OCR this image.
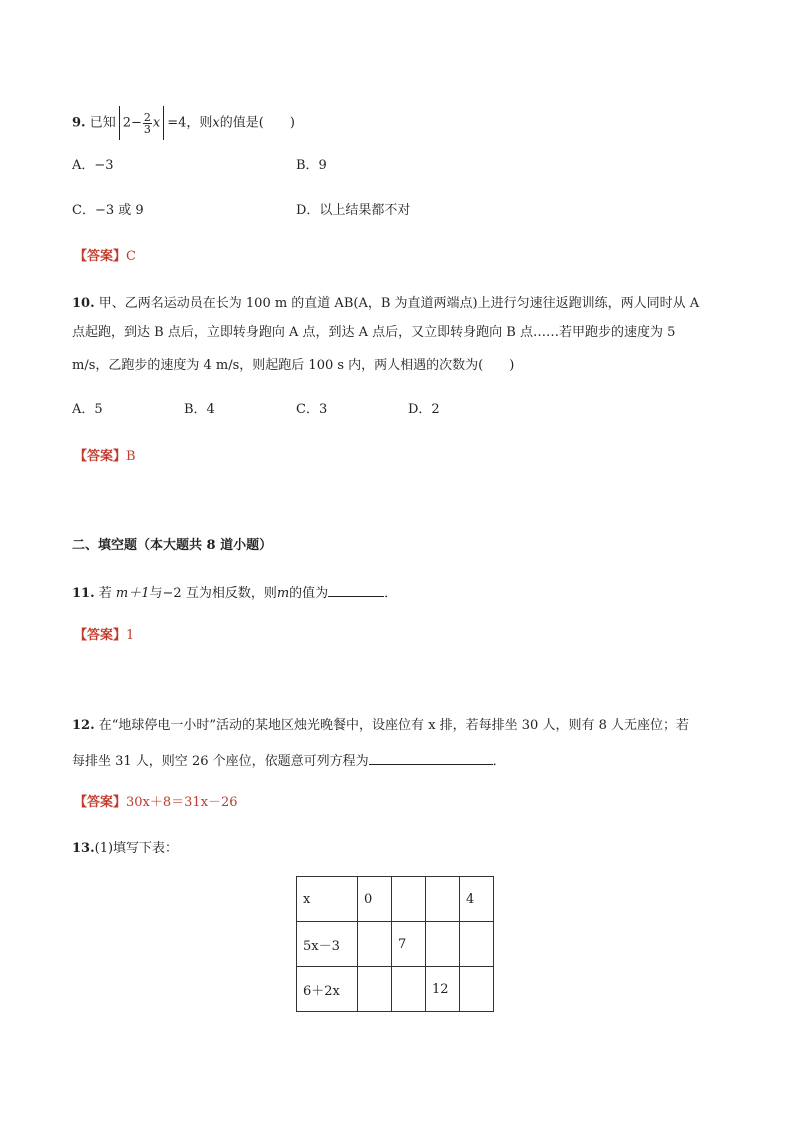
9. 已知 $2- \frac{2}{3}$ x =4，则x的值是(　　)
A．−3	B．9
C．−3 或 9	D．以上结果都不对
【答案】C
10. 甲、乙两名运动员在长为 100 m 的直道 AB(A，B 为直道两端点)上进行匀速往返跑训练，两人同时从 A
点起跑，到达 B 点后，立即转身跑向 A 点，到达 A 点后，又立即转身跑向 B 点……若甲跑步的速度为 5
m/s，乙跑步的速度为 4 m/s，则起跑后 100 s 内，两人相遇的次数为(　　)
A．5	B．4	C．3	D．2
【答案】B
二、填空题（本大题共 8 道小题）
11. 若 m＋1与−2 互为相反数，则m的值为	．
【答案】1
12. 在“地球停电一小时”活动的某地区烛光晚餐中，设座位有 x 排，若每排坐 30 人，则有 8 人无座位；若
每排坐 31 人，则空 26 个座位，依题意可列方程为	．
【答案】30x＋8＝31x－26
13.(1)填写下表：
x	0			4
5x－3		7		
6＋2x			12	
